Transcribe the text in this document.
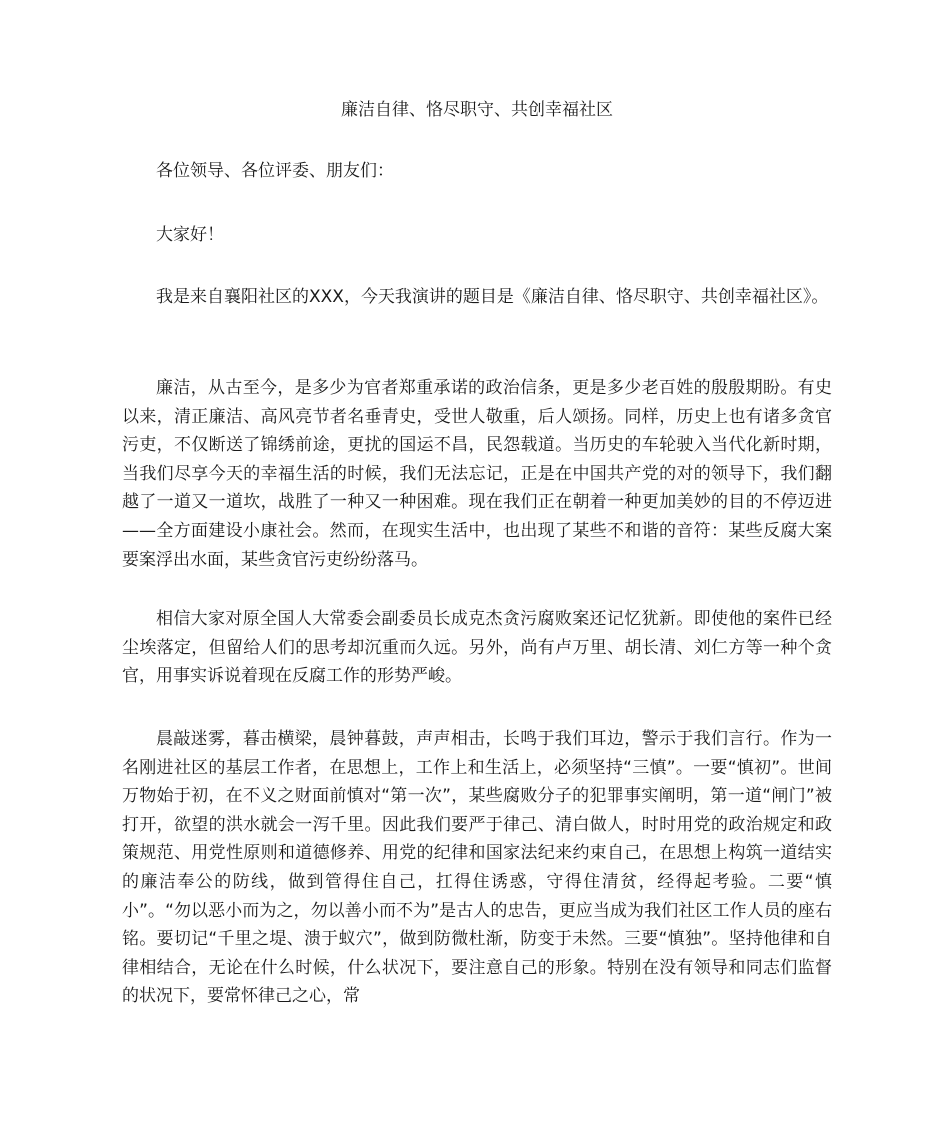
廉洁自律、恪尽职守、共创幸福社区
各位领导、各位评委、朋友们：
大家好！
我是来自襄阳社区的XXX，今天我演讲的题目是《廉洁自律、恪尽职守、共创幸福社区》。
廉洁，从古至今，是多少为官者郑重承诺的政治信条，更是多少老百姓的殷殷期盼。有史以来，清正廉洁、高风亮节者名垂青史，受世人敬重，后人颂扬。同样，历史上也有诸多贪官污吏，不仅断送了锦绣前途，更扰的国运不昌，民怨载道。当历史的车轮驶入当代化新时期，当我们尽享今天的幸福生活的时候，我们无法忘记，正是在中国共产党的对的领导下，我们翻越了一道又一道坎，战胜了一种又一种困难。现在我们正在朝着一种更加美妙的目的不停迈进——全方面建设小康社会。然而，在现实生活中，也出现了某些不和谐的音符：某些反腐大案要案浮出水面，某些贪官污吏纷纷落马。
相信大家对原全国人大常委会副委员长成克杰贪污腐败案还记忆犹新。即使他的案件已经尘埃落定，但留给人们的思考却沉重而久远。另外，尚有卢万里、胡长清、刘仁方等一种个贪官，用事实诉说着现在反腐工作的形势严峻。
晨敲迷雾，暮击横梁，晨钟暮鼓，声声相击，长鸣于我们耳边，警示于我们言行。作为一名刚进社区的基层工作者，在思想上，工作上和生活上，必须坚持“三慎”。一要“慎初”。世间万物始于初，在不义之财面前慎对“第一次”，某些腐败分子的犯罪事实阐明，第一道“闸门”被打开，欲望的洪水就会一泻千里。因此我们要严于律己、清白做人，时时用党的政治规定和政策规范、用党性原则和道德修养、用党的纪律和国家法纪来约束自己，在思想上构筑一道结实的廉洁奉公的防线，做到管得住自己，扛得住诱惑，守得住清贫，经得起考验。二要“慎小”。“勿以恶小而为之，勿以善小而不为”是古人的忠告，更应当成为我们社区工作人员的座右铭。要切记“千里之堤、溃于蚁穴”，做到防微杜渐，防变于未然。三要“慎独”。坚持他律和自律相结合，无论在什么时候，什么状况下，要注意自己的形象。特别在没有领导和同志们监督的状况下，要常怀律己之心，常
